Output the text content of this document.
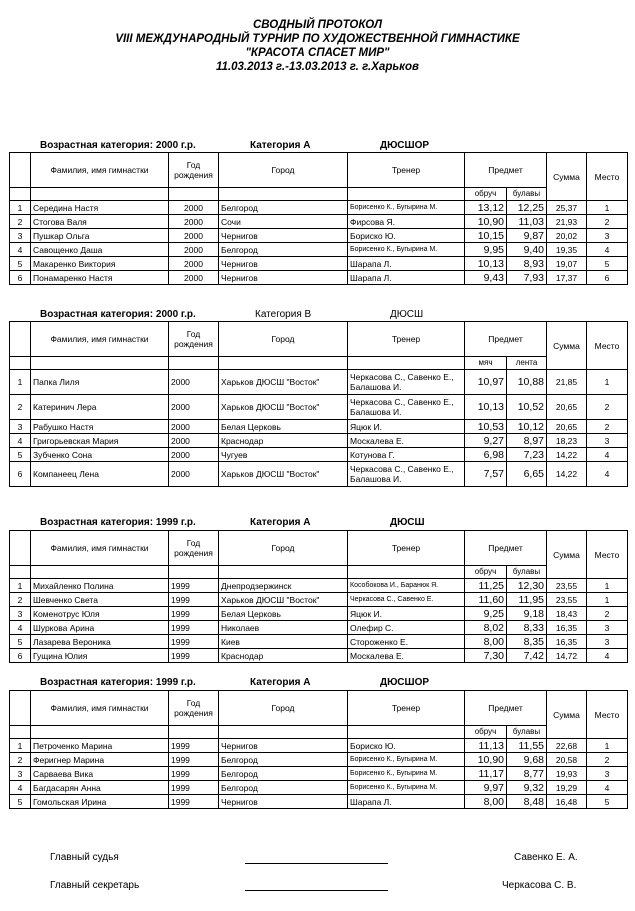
СВОДНЫЙ ПРОТОКОЛ
VIII МЕЖДУНАРОДНЫЙ ТУРНИР ПО ХУДОЖЕСТВЕННОЙ ГИМНАСТИКЕ
"КРАСОТА СПАСЕТ МИР"
11.03.2013 г.-13.03.2013 г. г.Харьков
Возрастная категория: 2000 г.р.	Категория А	ДЮСШОР
Возрастная категория: 2000 г.р.	Категория В	ДЮСШ
Возрастная категория: 1999 г.р.	Категория А	ДЮСШ
Возрастная категория: 1999 г.р.	Категория А	ДЮСШОР
	Фамилия, имя гимнастки	Год рождения	Город	Тренер	Предмет		Сумма	Место
					обруч	булавы		
1	Середина Настя	2000	Белгород	Борисенко К., Бугырина М.	13,12	12,25	25,37	1
2	Стогова Валя	2000	Сочи	Фирсова Я.	10,90	11,03	21,93	2
3	Пушкар Ольга	2000	Чернигов	Бориско Ю.	10,15	9,87	20,02	3
4	Савощенко Даша	2000	Белгород	Борисенко К., Бугырина М.	9,95	9,40	19,35	4
5	Макаренко Виктория	2000	Чернигов	Шарапа Л.	10,13	8,93	19,07	5
6	Понамаренко Настя	2000	Чернигов	Шарапа Л.	9,43	7,93	17,37	6
	Фамилия, имя гимнастки	Год рождения	Город	Тренер	Предмет		Сумма	Место
					мяч	лента		
1	Папка Лиля	2000	Харьков ДЮСШ "Восток"	Черкасова С., Савенко Е., Балашова И.	10,97	10,88	21,85	1
2	Катеринич Лера	2000	Харьков ДЮСШ "Восток"	Черкасова С., Савенко Е., Балашова И.	10,13	10,52	20,65	2
3	Рабушко Настя	2000	Белая Церковь	Яцюк И.	10,53	10,12	20,65	2
4	Григорьевская Мария	2000	Краснодар	Москалева Е.	9,27	8,97	18,23	3
5	Зубченко Сона	2000	Чугуев	Котунова Г.	6,98	7,23	14,22	4
6	Компанеец Лена	2000	Харьков ДЮСШ "Восток"	Черкасова С., Савенко Е., Балашова И.	7,57	6,65	14,22	4
	Фамилия, имя гимнастки	Год рождения	Город	Тренер	Предмет		Сумма	Место
					обруч	булавы		
1	Михайленко Полина	1999	Днепродзержинск	Кособокова И., Баранюк Я.	11,25	12,30	23,55	1
2	Шевченко Света	1999	Харьков ДЮСШ "Восток"	Черкасова С., Савенко Е.	11,60	11,95	23,55	1
3	Коменотрус Юля	1999	Белая Церковь	Яцюк И.	9,25	9,18	18,43	2
4	Шуркова Арина	1999	Николаев	Олефир С.	8,02	8,33	16,35	3
5	Лазарева Вероника	1999	Киев	Стороженко Е.	8,00	8,35	16,35	3
6	Гущина Юлия	1999	Краснодар	Москалева Е.	7,30	7,42	14,72	4
	Фамилия, имя гимнастки	Год рождения	Город	Тренер	Предмет		Сумма	Место
					обруч	булавы		
1	Петроченко Марина	1999	Чернигов	Бориско Ю.	11,13	11,55	22,68	1
2	Феригнер Марина	1999	Белгород	Борисенко К., Бугырина М.	10,90	9,68	20,58	2
3	Сарваева Вика	1999	Белгород	Борисенко К., Бугырина М.	11,17	8,77	19,93	3
4	Багдасарян Анна	1999	Белгород	Борисенко К., Бугырина М.	9,97	9,32	19,29	4
5	Гомольская Ирина	1999	Чернигов	Шарапа Л.	8,00	8,48	16,48	5
Главный судья	Савенко Е. А.
Главный секретарь	Черкасова С. В.
